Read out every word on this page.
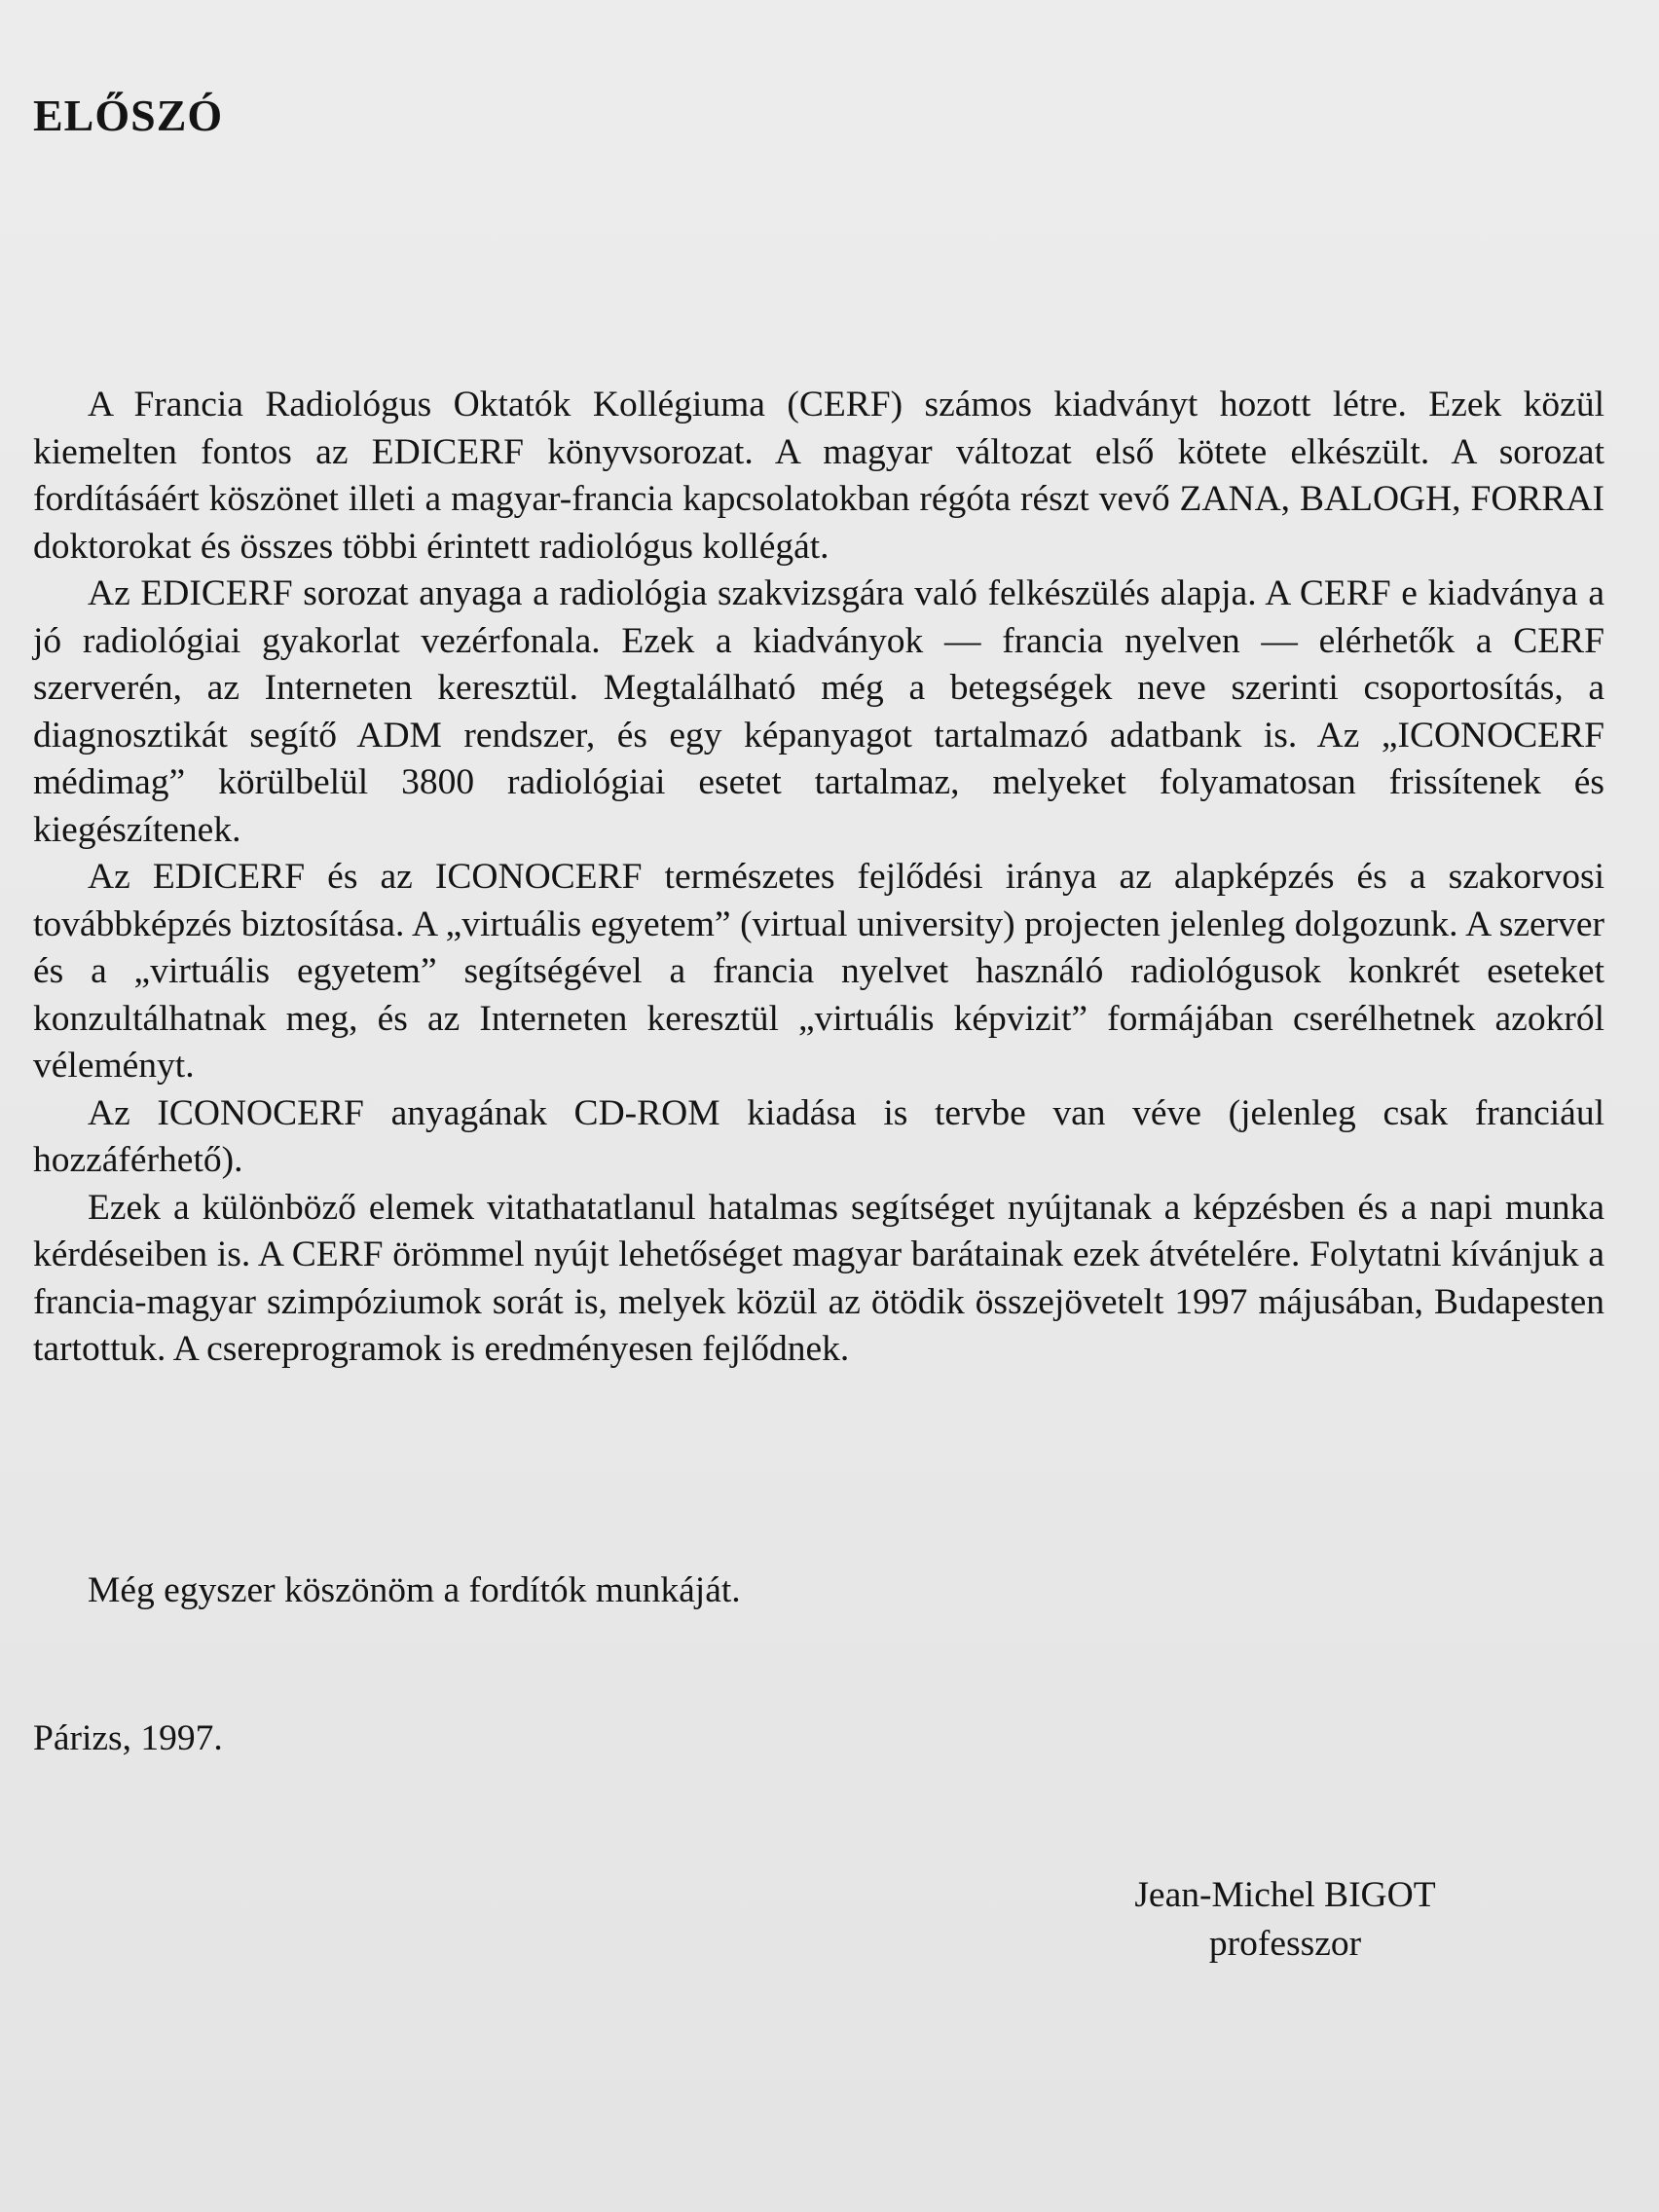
ELŐSZÓ

A Francia Radiológus Oktatók Kollégiuma (CERF) számos kiadványt hozott létre. Ezek közül kiemelten fontos az EDICERF könyvsorozat. A magyar változat első kötete elkészült. A sorozat fordításáért köszönet illeti a magyar-francia kapcsolatokban régóta részt vevő ZANA, BALOGH, FORRAI doktorokat és összes többi érintett radiológus kollégát.

Az EDICERF sorozat anyaga a radiológia szakvizsgára való felkészülés alapja. A CERF e kiadványa a jó radiológiai gyakorlat vezérfonala. Ezek a kiadványok — francia nyelven — elérhetők a CERF szerverén, az Interneten keresztül. Megtalálható még a betegségek neve szerinti csoportosítás, a diagnosztikát segítő ADM rendszer, és egy képanyagot tartalmazó adatbank is. Az „ICONOCERF médimag” körülbelül 3800 radiológiai esetet tartalmaz, melyeket folyamatosan frissítenek és kiegészítenek.

Az EDICERF és az ICONOCERF természetes fejlődési iránya az alapképzés és a szakorvosi továbbképzés biztosítása. A „virtuális egyetem” (virtual university) projecten jelenleg dolgozunk. A szerver és a „virtuális egyetem” segítségével a francia nyelvet használó radiológusok konkrét eseteket konzultálhatnak meg, és az Interneten keresztül „virtuális képvizit” formájában cserélhetnek azokról véleményt.

Az ICONOCERF anyagának CD-ROM kiadása is tervbe van véve (jelenleg csak franciául hozzáférhető).

Ezek a különböző elemek vitathatatlanul hatalmas segítséget nyújtanak a képzésben és a napi munka kérdéseiben is. A CERF örömmel nyújt lehetőséget magyar barátainak ezek átvételére. Folytatni kívánjuk a francia-magyar szimpóziumok sorát is, melyek közül az ötödik összejövetelt 1997 májusában, Budapesten tartottuk. A csereprogramok is eredményesen fejlődnek.

Még egyszer köszönöm a fordítók munkáját.

Párizs, 1997.

Jean-Michel BIGOT
professzor
